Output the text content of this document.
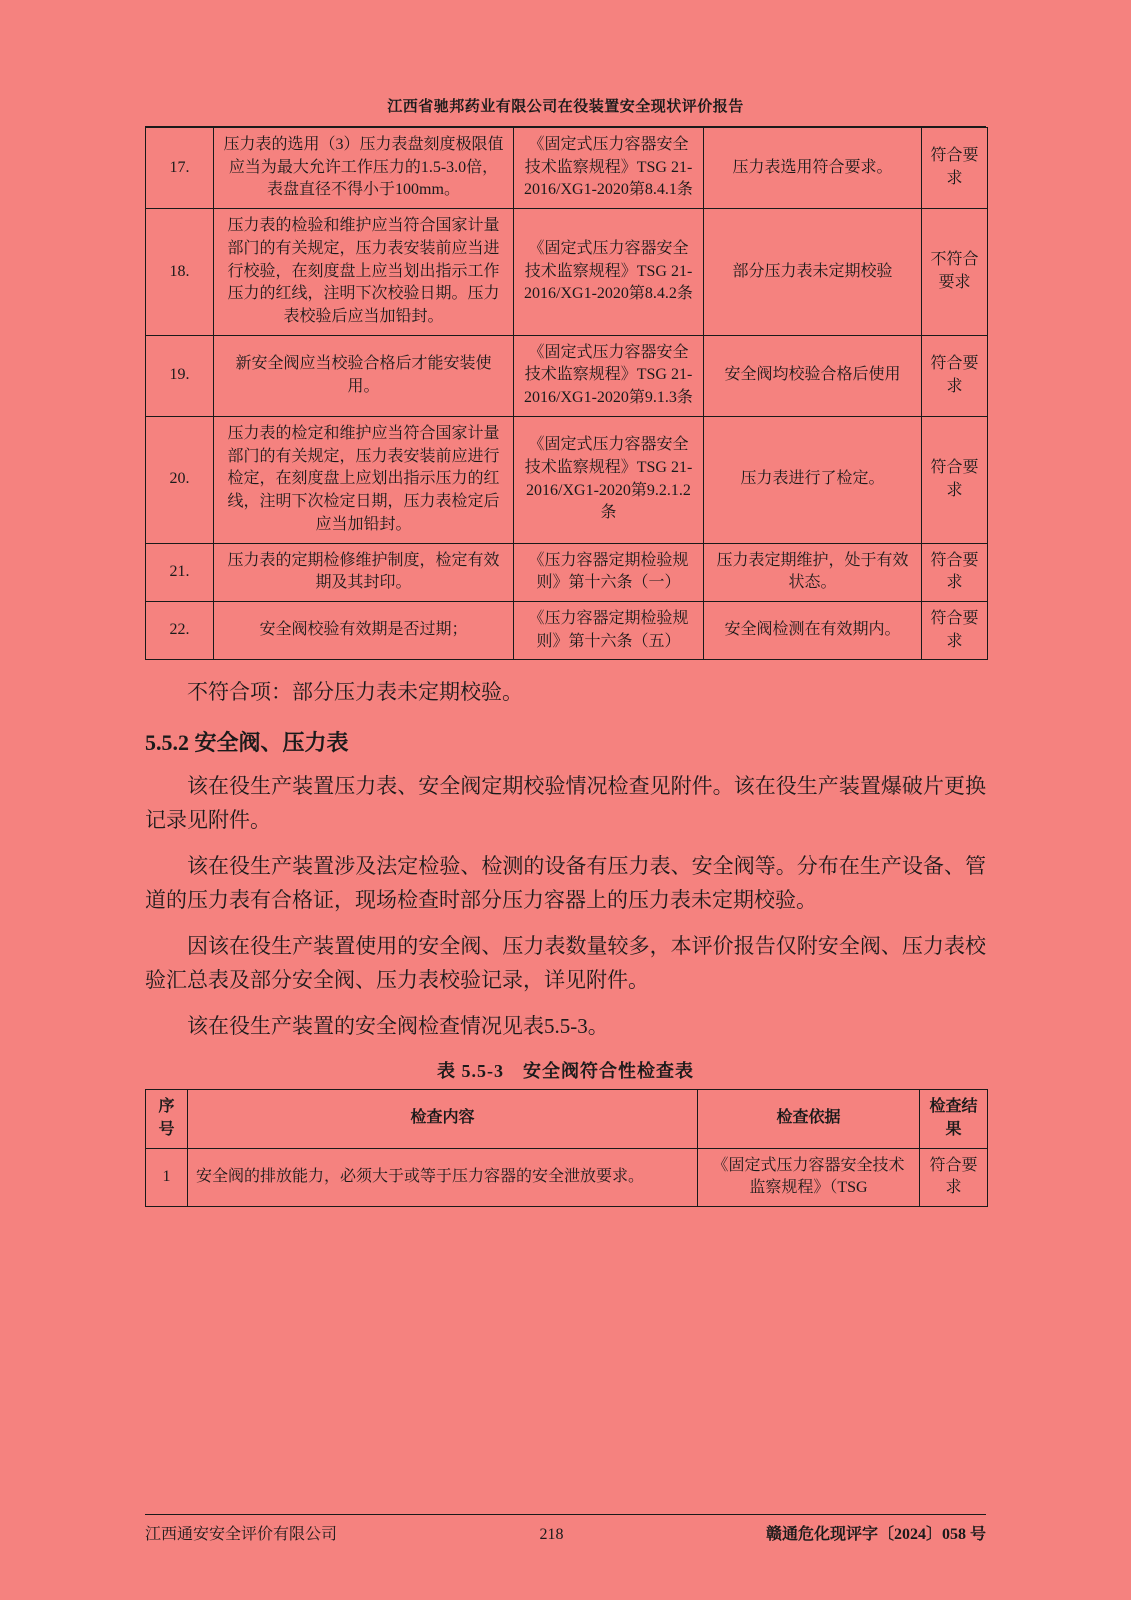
江西省驰邦药业有限公司在役装置安全现状评价报告
17.	压力表的选用（3）压力表盘刻度极限值应当为最大允许工作压力的1.5-3.0倍，表盘直径不得小于100mm。	《固定式压力容器安全技术监察规程》TSG 21-2016/XG1-2020第8.4.1条	压力表选用符合要求。	符合要求
18.	压力表的检验和维护应当符合国家计量部门的有关规定，压力表安装前应当进行校验，在刻度盘上应当划出指示工作压力的红线，注明下次校验日期。压力表校验后应当加铅封。	《固定式压力容器安全技术监察规程》TSG 21-2016/XG1-2020第8.4.2条	部分压力表未定期校验	不符合要求
19.	新安全阀应当校验合格后才能安装使用。	《固定式压力容器安全技术监察规程》TSG 21-2016/XG1-2020第9.1.3条	安全阀均校验合格后使用	符合要求
20.	压力表的检定和维护应当符合国家计量部门的有关规定，压力表安装前应进行检定，在刻度盘上应划出指示压力的红线，注明下次检定日期，压力表检定后应当加铅封。	《固定式压力容器安全技术监察规程》TSG 21-2016/XG1-2020第9.2.1.2条	压力表进行了检定。	符合要求
21.	压力表的定期检修维护制度，检定有效期及其封印。	《压力容器定期检验规则》第十六条（一）	压力表定期维护，处于有效状态。	符合要求
22.	安全阀校验有效期是否过期；	《压力容器定期检验规则》第十六条（五）	安全阀检测在有效期内。	符合要求
不符合项：部分压力表未定期校验。
5.5.2 安全阀、压力表

该在役生产装置压力表、安全阀定期校验情况检查见附件。该在役生产装置爆破片更换记录见附件。

该在役生产装置涉及法定检验、检测的设备有压力表、安全阀等。分布在生产设备、管道的压力表有合格证，现场检查时部分压力容器上的压力表未定期校验。

因该在役生产装置使用的安全阀、压力表数量较多，本评价报告仅附安全阀、压力表校验汇总表及部分安全阀、压力表校验记录，详见附件。

该在役生产装置的安全阀检查情况见表5.5-3。

表 5.5-3　安全阀符合性检查表
序号	检查内容	检查依据	检查结果
1	安全阀的排放能力，必须大于或等于压力容器的安全泄放要求。	《固定式压力容器安全技术监察规程》（TSG	符合要求
江西通安安全评价有限公司	218	赣通危化现评字〔2024〕058 号
